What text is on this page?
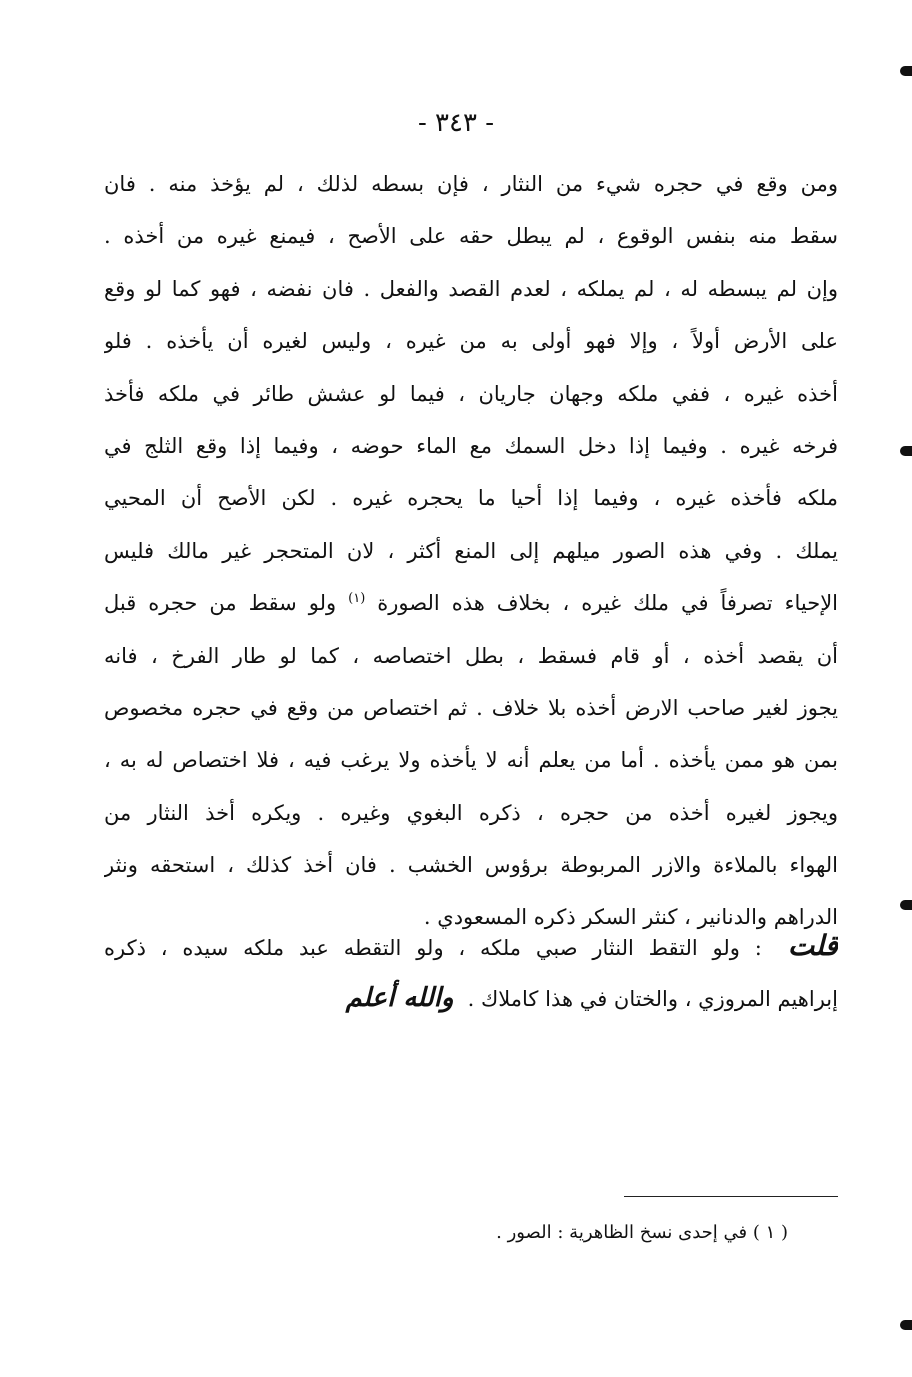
- ٣٤٣ -
ومن وقع في حجره شيء من النثار ، فإن بسطه لذلك ، لم يؤخذ منه . فان
سقط منه بنفس الوقوع ، لم يبطل حقه على الأصح ، فيمنع غيره من أخذه .
وإن لم يبسطه له ، لم يملكه ، لعدم القصد والفعل . فان نفضه ، فهو كما لو وقع
على الأرض أولاً ، وإلا فهو أولى به من غيره ، وليس لغيره أن يأخذه . فلو
أخذه غيره ، ففي ملكه وجهان جاريان ، فيما لو عشش طائر في ملكه فأخذ
فرخه غيره . وفيما إذا دخل السمك مع الماء حوضه ، وفيما إذا وقع الثلج في
ملكه فأخذه غيره ، وفيما إذا أحيا ما يحجره غيره . لكن الأصح أن المحيي
يملك . وفي هذه الصور ميلهم إلى المنع أكثر ، لان المتحجر غير مالك فليس
الإحياء تصرفاً في ملك غيره ، بخلاف هذه الصورة $^{(١)}$ ولو سقط من حجره قبل
أن يقصد أخذه ، أو قام فسقط ، بطل اختصاصه ، كما لو طار الفرخ ، فانه
يجوز لغير صاحب الارض أخذه بلا خلاف . ثم اختصاص من وقع في حجره مخصوص
بمن هو ممن يأخذه . أما من يعلم أنه لا يأخذه ولا يرغب فيه ، فلا اختصاص له به ،
ويجوز لغيره أخذه من حجره ، ذكره البغوي وغيره . ويكره أخذ النثار من
الهواء بالملاءة والازر المربوطة برؤوس الخشب . فان أخذ كذلك ، استحقه ونثر
الدراهم والدنانير ، كنثر السكر ذكره المسعودي .
قلت: ولو التقط النثار صبي ملكه ، ولو التقطه عبد ملكه سيده ، ذكره
إبراهيم المروزي ، والختان في هذا كاملاك .والله أعلم
( ١ ) في إحدى نسخ الظاهرية : الصور .
